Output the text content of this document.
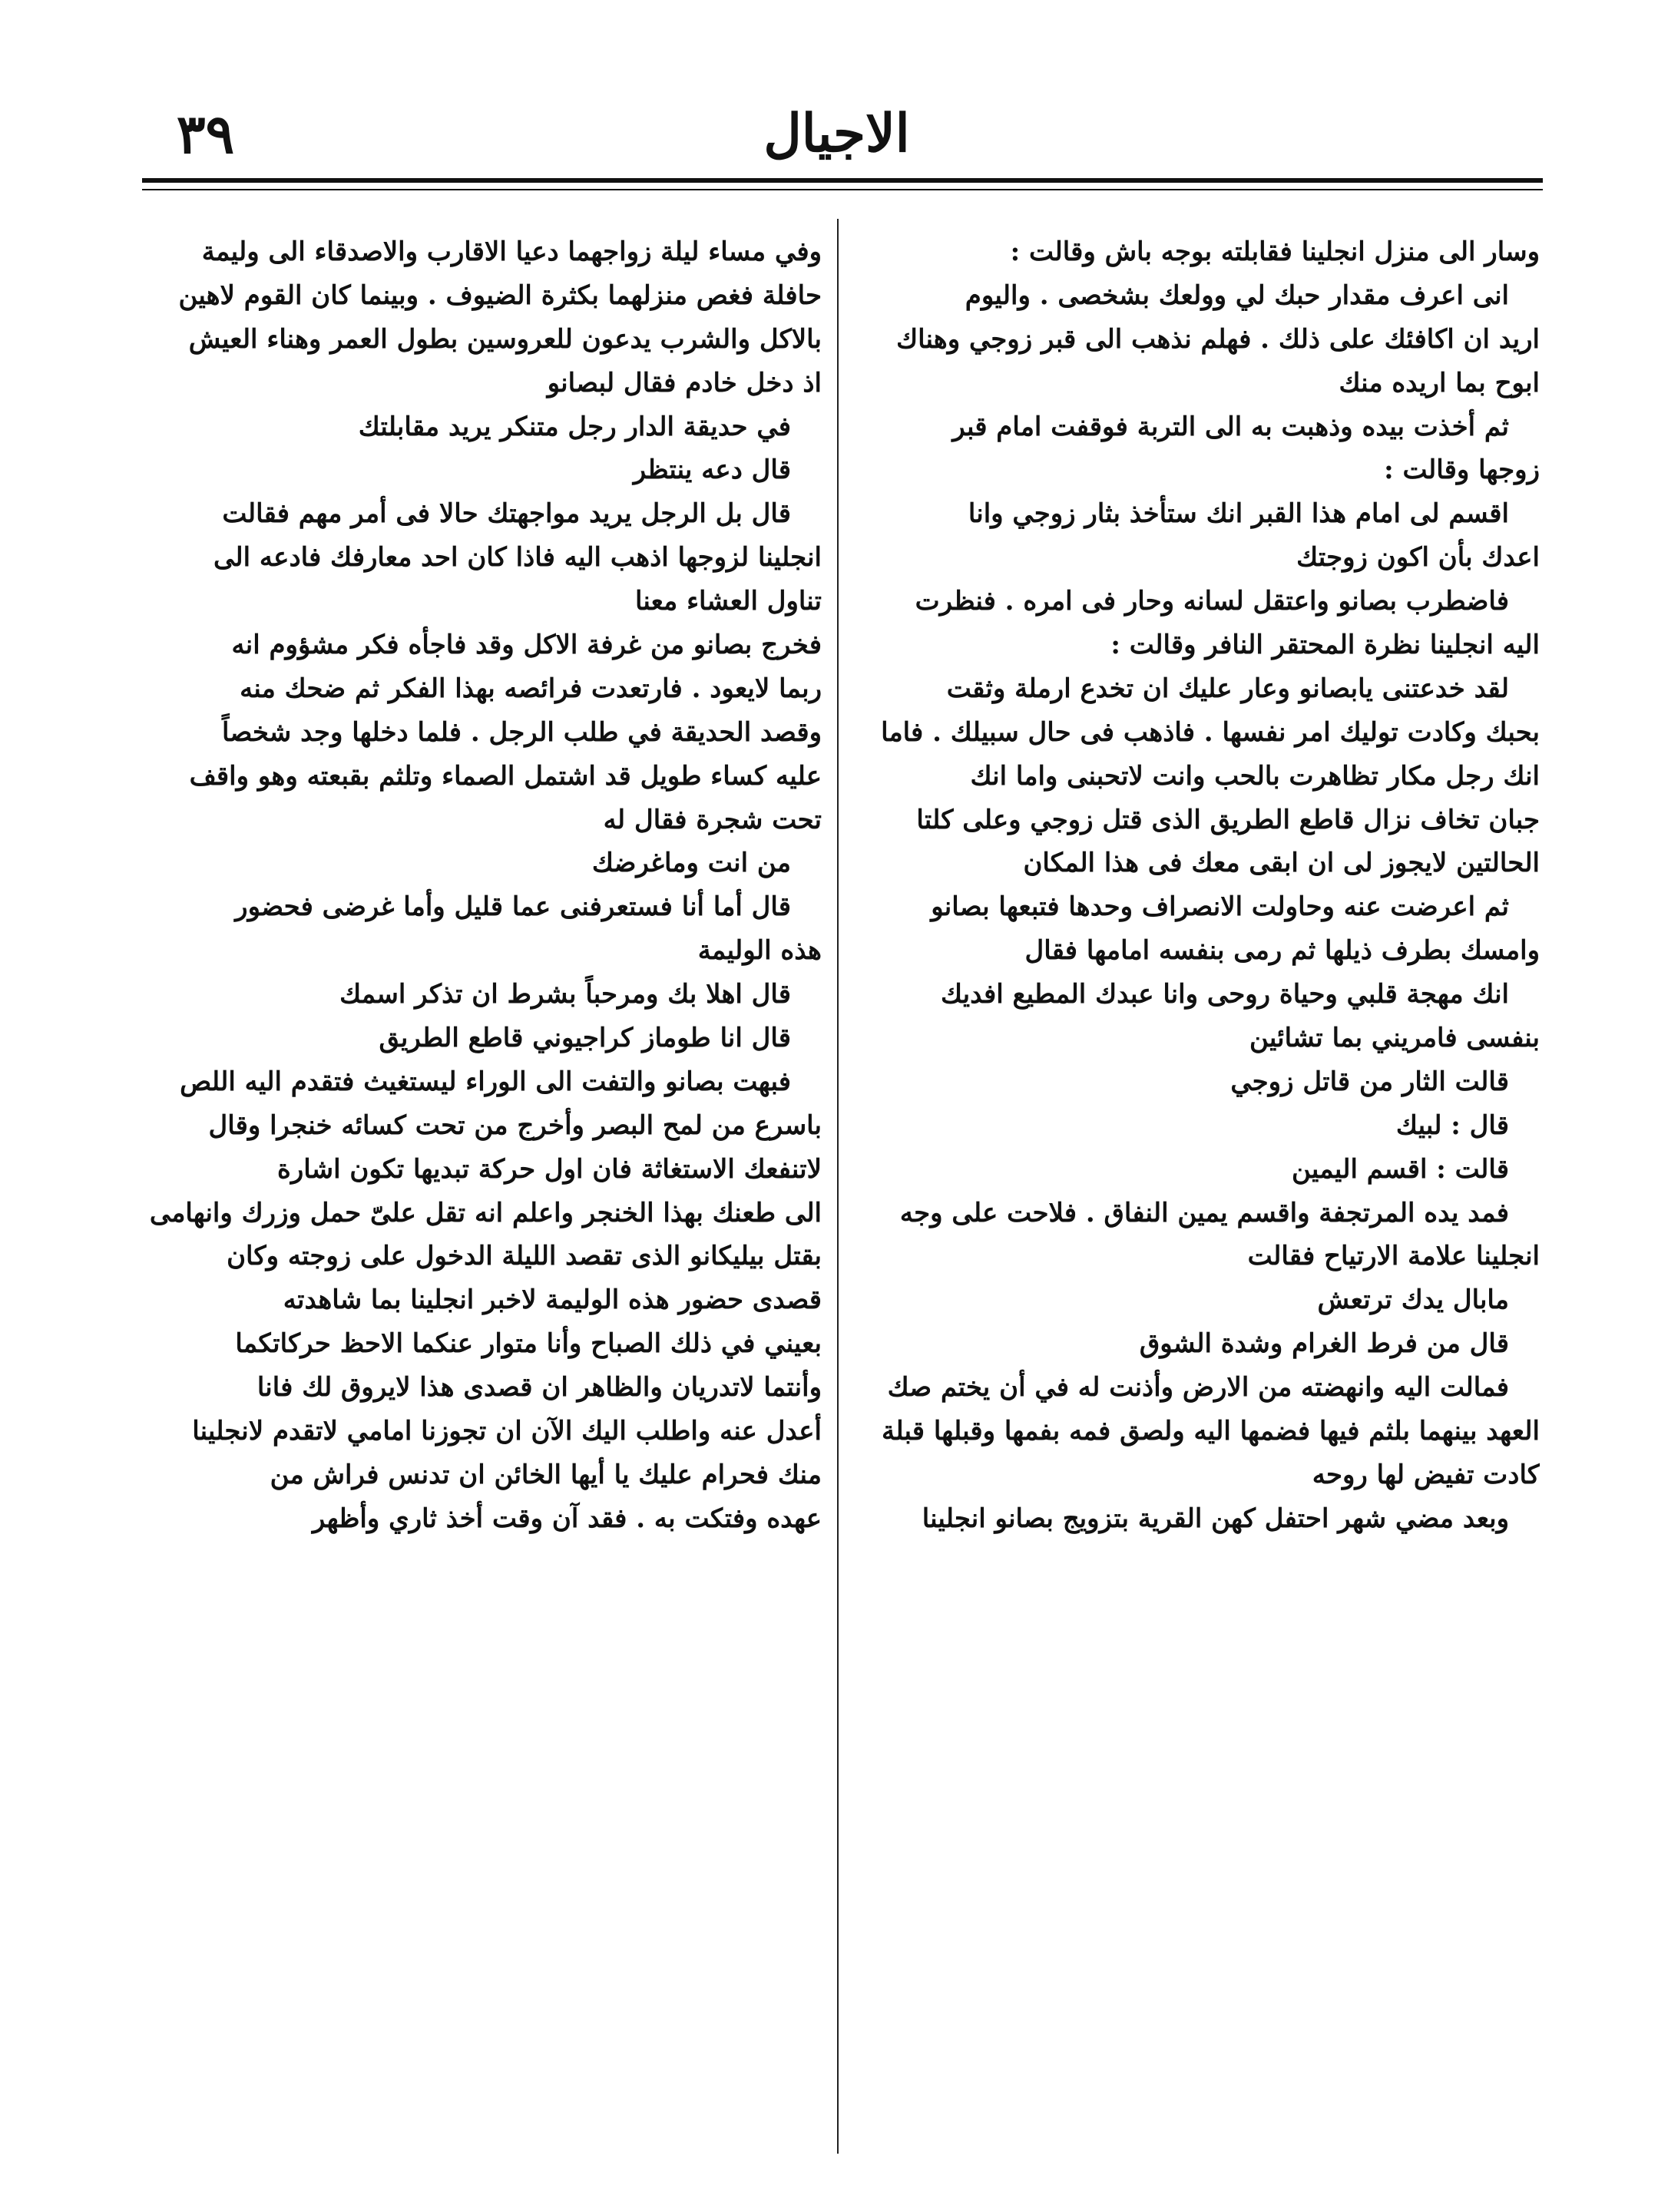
٣٩	الاجيال
وسار الى منزل انجلينا فقابلته بوجه باش وقالت :
انى اعرف مقدار حبك لي وولعك بشخصى . واليوم
اريد ان اكافئك على ذلك . فهلم نذهب الى قبر زوجي وهناك
ابوح بما اريده منك
ثم أخذت بيده وذهبت به الى التربة فوقفت امام قبر
زوجها وقالت :
اقسم لى امام هذا القبر انك ستأخذ بثار زوجي وانا
اعدك بأن اكون زوجتك
فاضطرب بصانو واعتقل لسانه وحار فى امره . فنظرت
اليه انجلينا نظرة المحتقر النافر وقالت :
لقد خدعتنى يابصانو وعار عليك ان تخدع ارملة وثقت
بحبك وكادت توليك امر نفسها . فاذهب فى حال سبيلك . فاما
انك رجل مكار تظاهرت بالحب وانت لاتحبنى واما انك
جبان تخاف نزال قاطع الطريق الذى قتل زوجي وعلى كلتا
الحالتين لايجوز لى ان ابقى معك فى هذا المكان
ثم اعرضت عنه وحاولت الانصراف وحدها فتبعها بصانو
وامسك بطرف ذيلها ثم رمى بنفسه امامها فقال
انك مهجة قلبي وحياة روحى وانا عبدك المطيع افديك
بنفسى فامريني بما تشائين
قالت الثار من قاتل زوجي
قال : لبيك
قالت : اقسم اليمين
فمد يده المرتجفة واقسم يمين النفاق . فلاحت على وجه
انجلينا علامة الارتياح فقالت
مابال يدك ترتعش
قال من فرط الغرام وشدة الشوق
فمالت اليه وانهضته من الارض وأذنت له في أن يختم صك
العهد بينهما بلثم فيها فضمها اليه ولصق فمه بفمها وقبلها قبلة
كادت تفيض لها روحه
وبعد مضي شهر احتفل كهن القرية بتزويج بصانو انجلينا
وفي مساء ليلة زواجهما دعيا الاقارب والاصدقاء الى وليمة
حافلة فغص منزلهما بكثرة الضيوف . وبينما كان القوم لاهين
بالاكل والشرب يدعون للعروسين بطول العمر وهناء العيش
اذ دخل خادم فقال لبصانو
في حديقة الدار رجل متنكر يريد مقابلتك
قال دعه ينتظر
قال بل الرجل يريد مواجهتك حالا فى أمر مهم فقالت
انجلينا لزوجها اذهب اليه فاذا كان احد معارفك فادعه الى
تناول العشاء معنا
فخرج بصانو من غرفة الاكل وقد فاجأه فكر مشؤوم انه
ربما لايعود . فارتعدت فرائصه بهذا الفكر ثم ضحك منه
وقصد الحديقة في طلب الرجل . فلما دخلها وجد شخصاً
عليه كساء طويل قد اشتمل الصماء وتلثم بقبعته وهو واقف
تحت شجرة فقال له
من انت وماغرضك
قال أما أنا فستعرفنى عما قليل وأما غرضى فحضور
هذه الوليمة
قال اهلا بك ومرحباً بشرط ان تذكر اسمك
قال انا طوماز كراجيوني قاطع الطريق
فبهت بصانو والتفت الى الوراء ليستغيث فتقدم اليه اللص
باسرع من لمح البصر وأخرج من تحت كسائه خنجرا وقال
لاتنفعك الاستغاثة فان اول حركة تبديها تكون اشارة
الى طعنك بهذا الخنجر واعلم انه تقل علىّ حمل وزرك وانهامى
بقتل بيليكانو الذى تقصد الليلة الدخول على زوجته وكان
قصدى حضور هذه الوليمة لاخبر انجلينا بما شاهدته
بعيني في ذلك الصباح وأنا متوار عنكما الاحظ حركاتكما
وأنتما لاتدريان والظاهر ان قصدى هذا لايروق لك فانا
أعدل عنه واطلب اليك الآن ان تجوزنا امامي لاتقدم لانجلينا
منك فحرام عليك يا أيها الخائن ان تدنس فراش من
عهده وفتكت به . فقد آن وقت أخذ ثاري وأظهر
